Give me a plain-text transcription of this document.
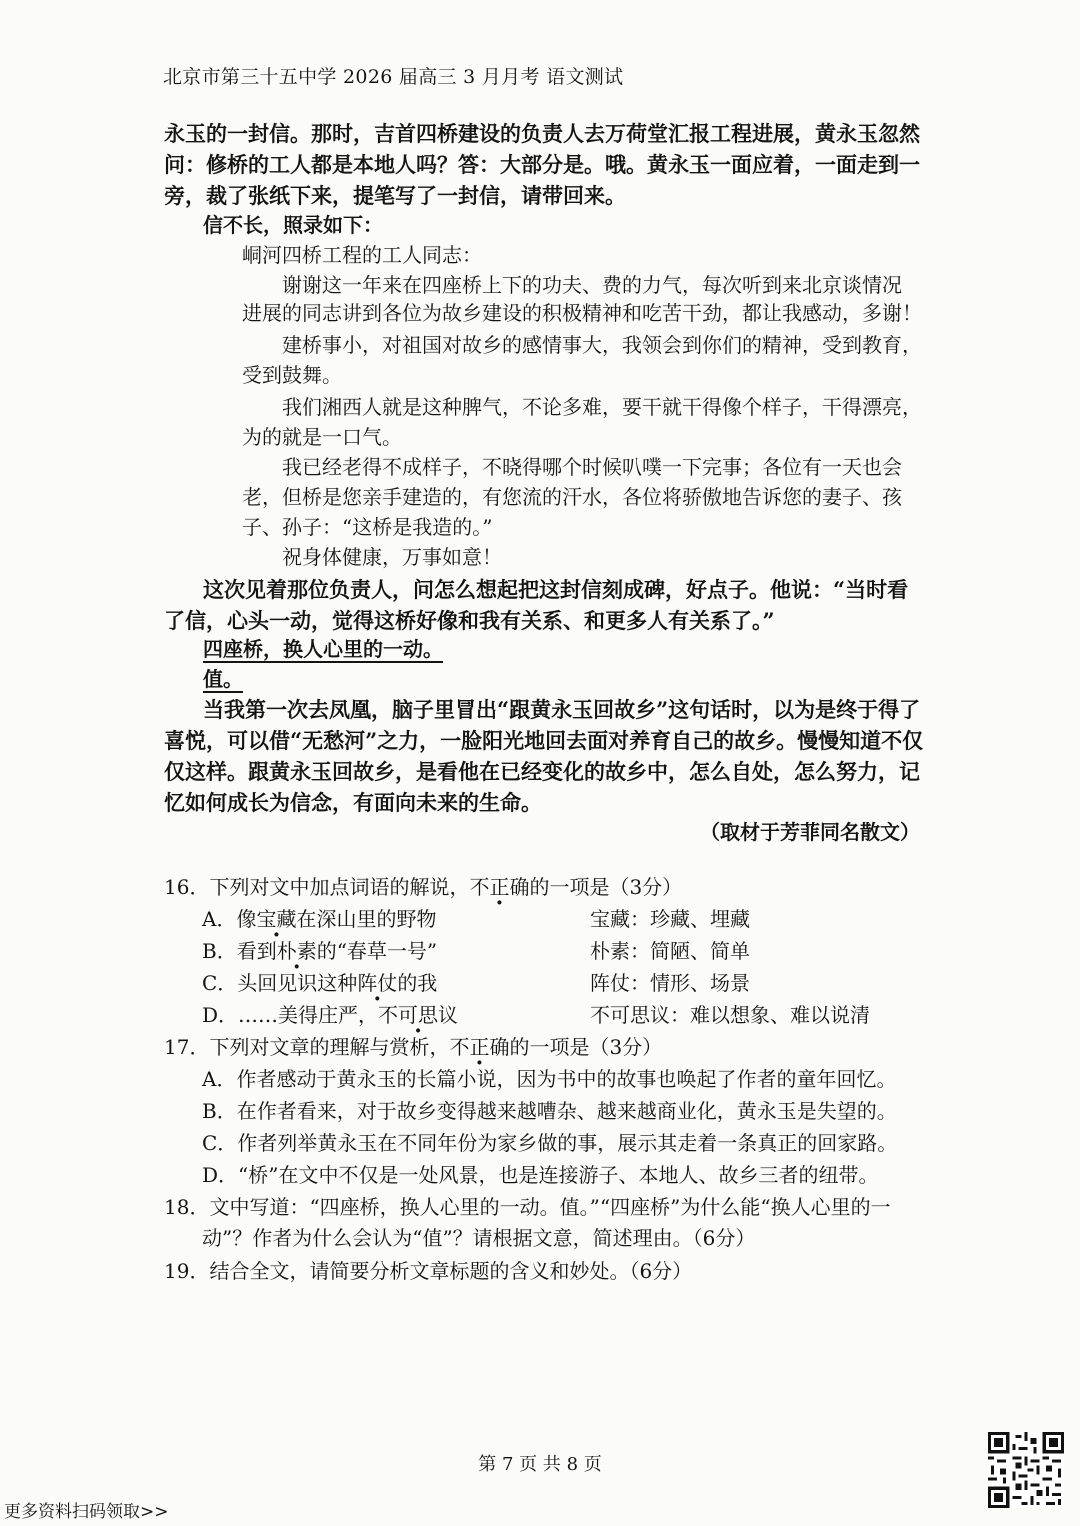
北京市第三十五中学 2026 届高三 3 月月考 语文测试

永玉的一封信。那时，吉首四桥建设的负责人去万荷堂汇报工程进展，黄永玉忽然问：修桥的工人都是本地人吗？答：大部分是。哦。黄永玉一面应着，一面走到一旁，裁了张纸下来，提笔写了一封信，请带回来。

信不长，照录如下：

峒河四桥工程的工人同志：

谢谢这一年来在四座桥上下的功夫、费的力气，每次听到来北京谈情况

进展的同志讲到各位为故乡建设的积极精神和吃苦干劲，都让我感动，多谢！

建桥事小，对祖国对故乡的感情事大，我领会到你们的精神，受到教育，

受到鼓舞。

我们湘西人就是这种脾气，不论多难，要干就干得像个样子，干得漂亮，

为的就是一口气。

我已经老得不成样子，不晓得哪个时候叭噗一下完事；各位有一天也会

老，但桥是您亲手建造的，有您流的汗水，各位将骄傲地告诉您的妻子、孩

子、孙子：“这桥是我造的。”

祝身体健康，万事如意！

这次见着那位负责人，问怎么想起把这封信刻成碑，好点子。他说：“当时看了信，心头一动，觉得这桥好像和我有关系、和更多人有关系了。”

四座桥，换人心里的一动。

值。

当我第一次去凤凰，脑子里冒出“跟黄永玉回故乡”这句话时，以为是终于得了喜悦，可以借“无愁河”之力，一脸阳光地回去面对养育自己的故乡。慢慢知道不仅仅这样。跟黄永玉回故乡，是看他在已经变化的故乡中，怎么自处，怎么努力，记忆如何成长为信念，有面向未来的生命。

（取材于芳菲同名散文）
16．下列对文中加点词语的解说，不正确的一项是（3分）
A．像宝藏在深山里的野物	宝藏：珍藏、埋藏
B．看到朴素的“春草一号”	朴素：简陋、简单
C．头回见识这种阵仗的我	阵仗：情形、场景
D．……美得庄严，不可思议	不可思议：难以想象、难以说清
17．下列对文章的理解与赏析，不正确的一项是（3分）
A．作者感动于黄永玉的长篇小说，因为书中的故事也唤起了作者的童年回忆。
B．在作者看来，对于故乡变得越来越嘈杂、越来越商业化，黄永玉是失望的。
C．作者列举黄永玉在不同年份为家乡做的事，展示其走着一条真正的回家路。
D．“桥”在文中不仅是一处风景，也是连接游子、本地人、故乡三者的纽带。
18．文中写道：“四座桥，换人心里的一动。值。”“四座桥”为什么能“换人心里的一
动”？作者为什么会认为“值”？请根据文意，简述理由。（6分）
19．结合全文，请简要分析文章标题的含义和妙处。（6分）
第 7 页 共 8 页
更多资料扫码领取>>
